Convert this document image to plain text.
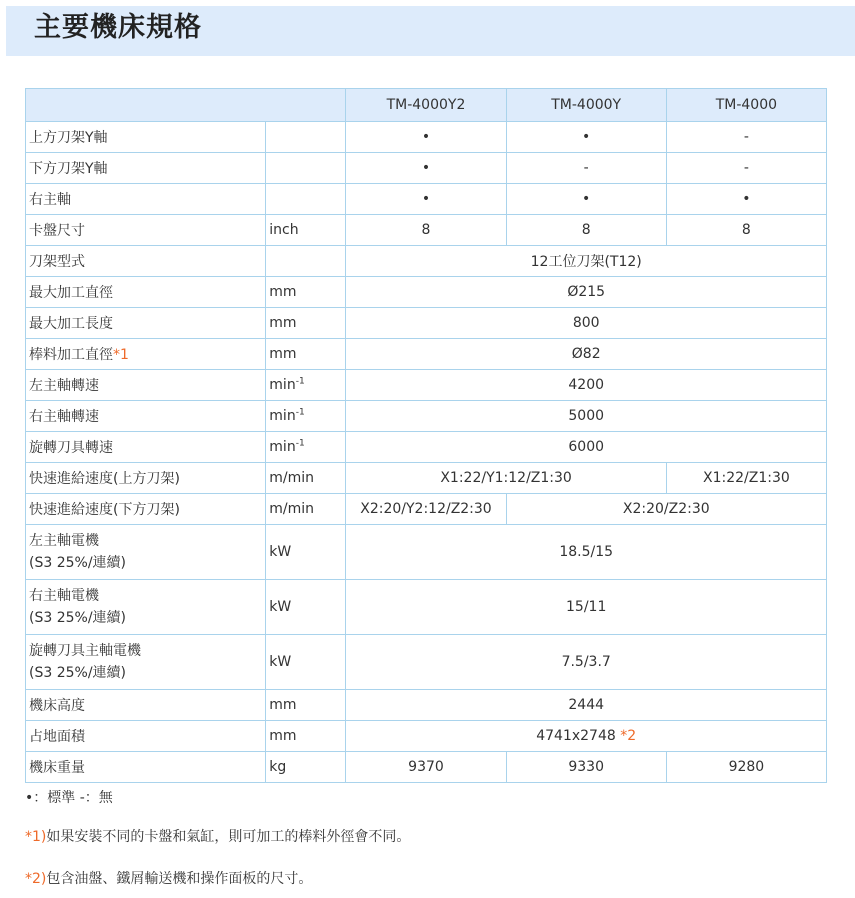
主要機床規格
		TM-4000Y2	TM-4000Y	TM-4000
上方刀架Y軸		•	•	-
下方刀架Y軸		•	-	-
右主軸		•	•	•
卡盤尺寸	inch	8	8	8
刀架型式		12工位刀架(T12)		
最大加工直徑	mm	Ø215		
最大加工長度	mm	800		
棒料加工直徑*1	mm	Ø82		
左主軸轉速	$\min^{-1}$	4200		
右主軸轉速	$\min^{-1}$	5000		
旋轉刀具轉速	$\min^{-1}$	6000		
快速進給速度(上方刀架)	m/min	X1:22/Y1:12/Z1:30		X1:22/Z1:30
快速進給速度(下方刀架)	m/min	X2:20/Y2:12/Z2:30	X2:20/Z2:30	
左主軸電機
(S3 25%/連續)	kW	18.5/15		
右主軸電機
(S3 25%/連續)	kW	15/11		
旋轉刀具主軸電機
(S3 25%/連續)	kW	7.5/3.7		
機床高度	mm	2444		
占地面積	mm	4741x2748 *2		
機床重量	kg	9370	9330	9280
•：標準 -：無
*1)如果安裝不同的卡盤和氣缸，則可加工的棒料外徑會不同。
*2)包含油盤、鐵屑輸送機和操作面板的尺寸。
